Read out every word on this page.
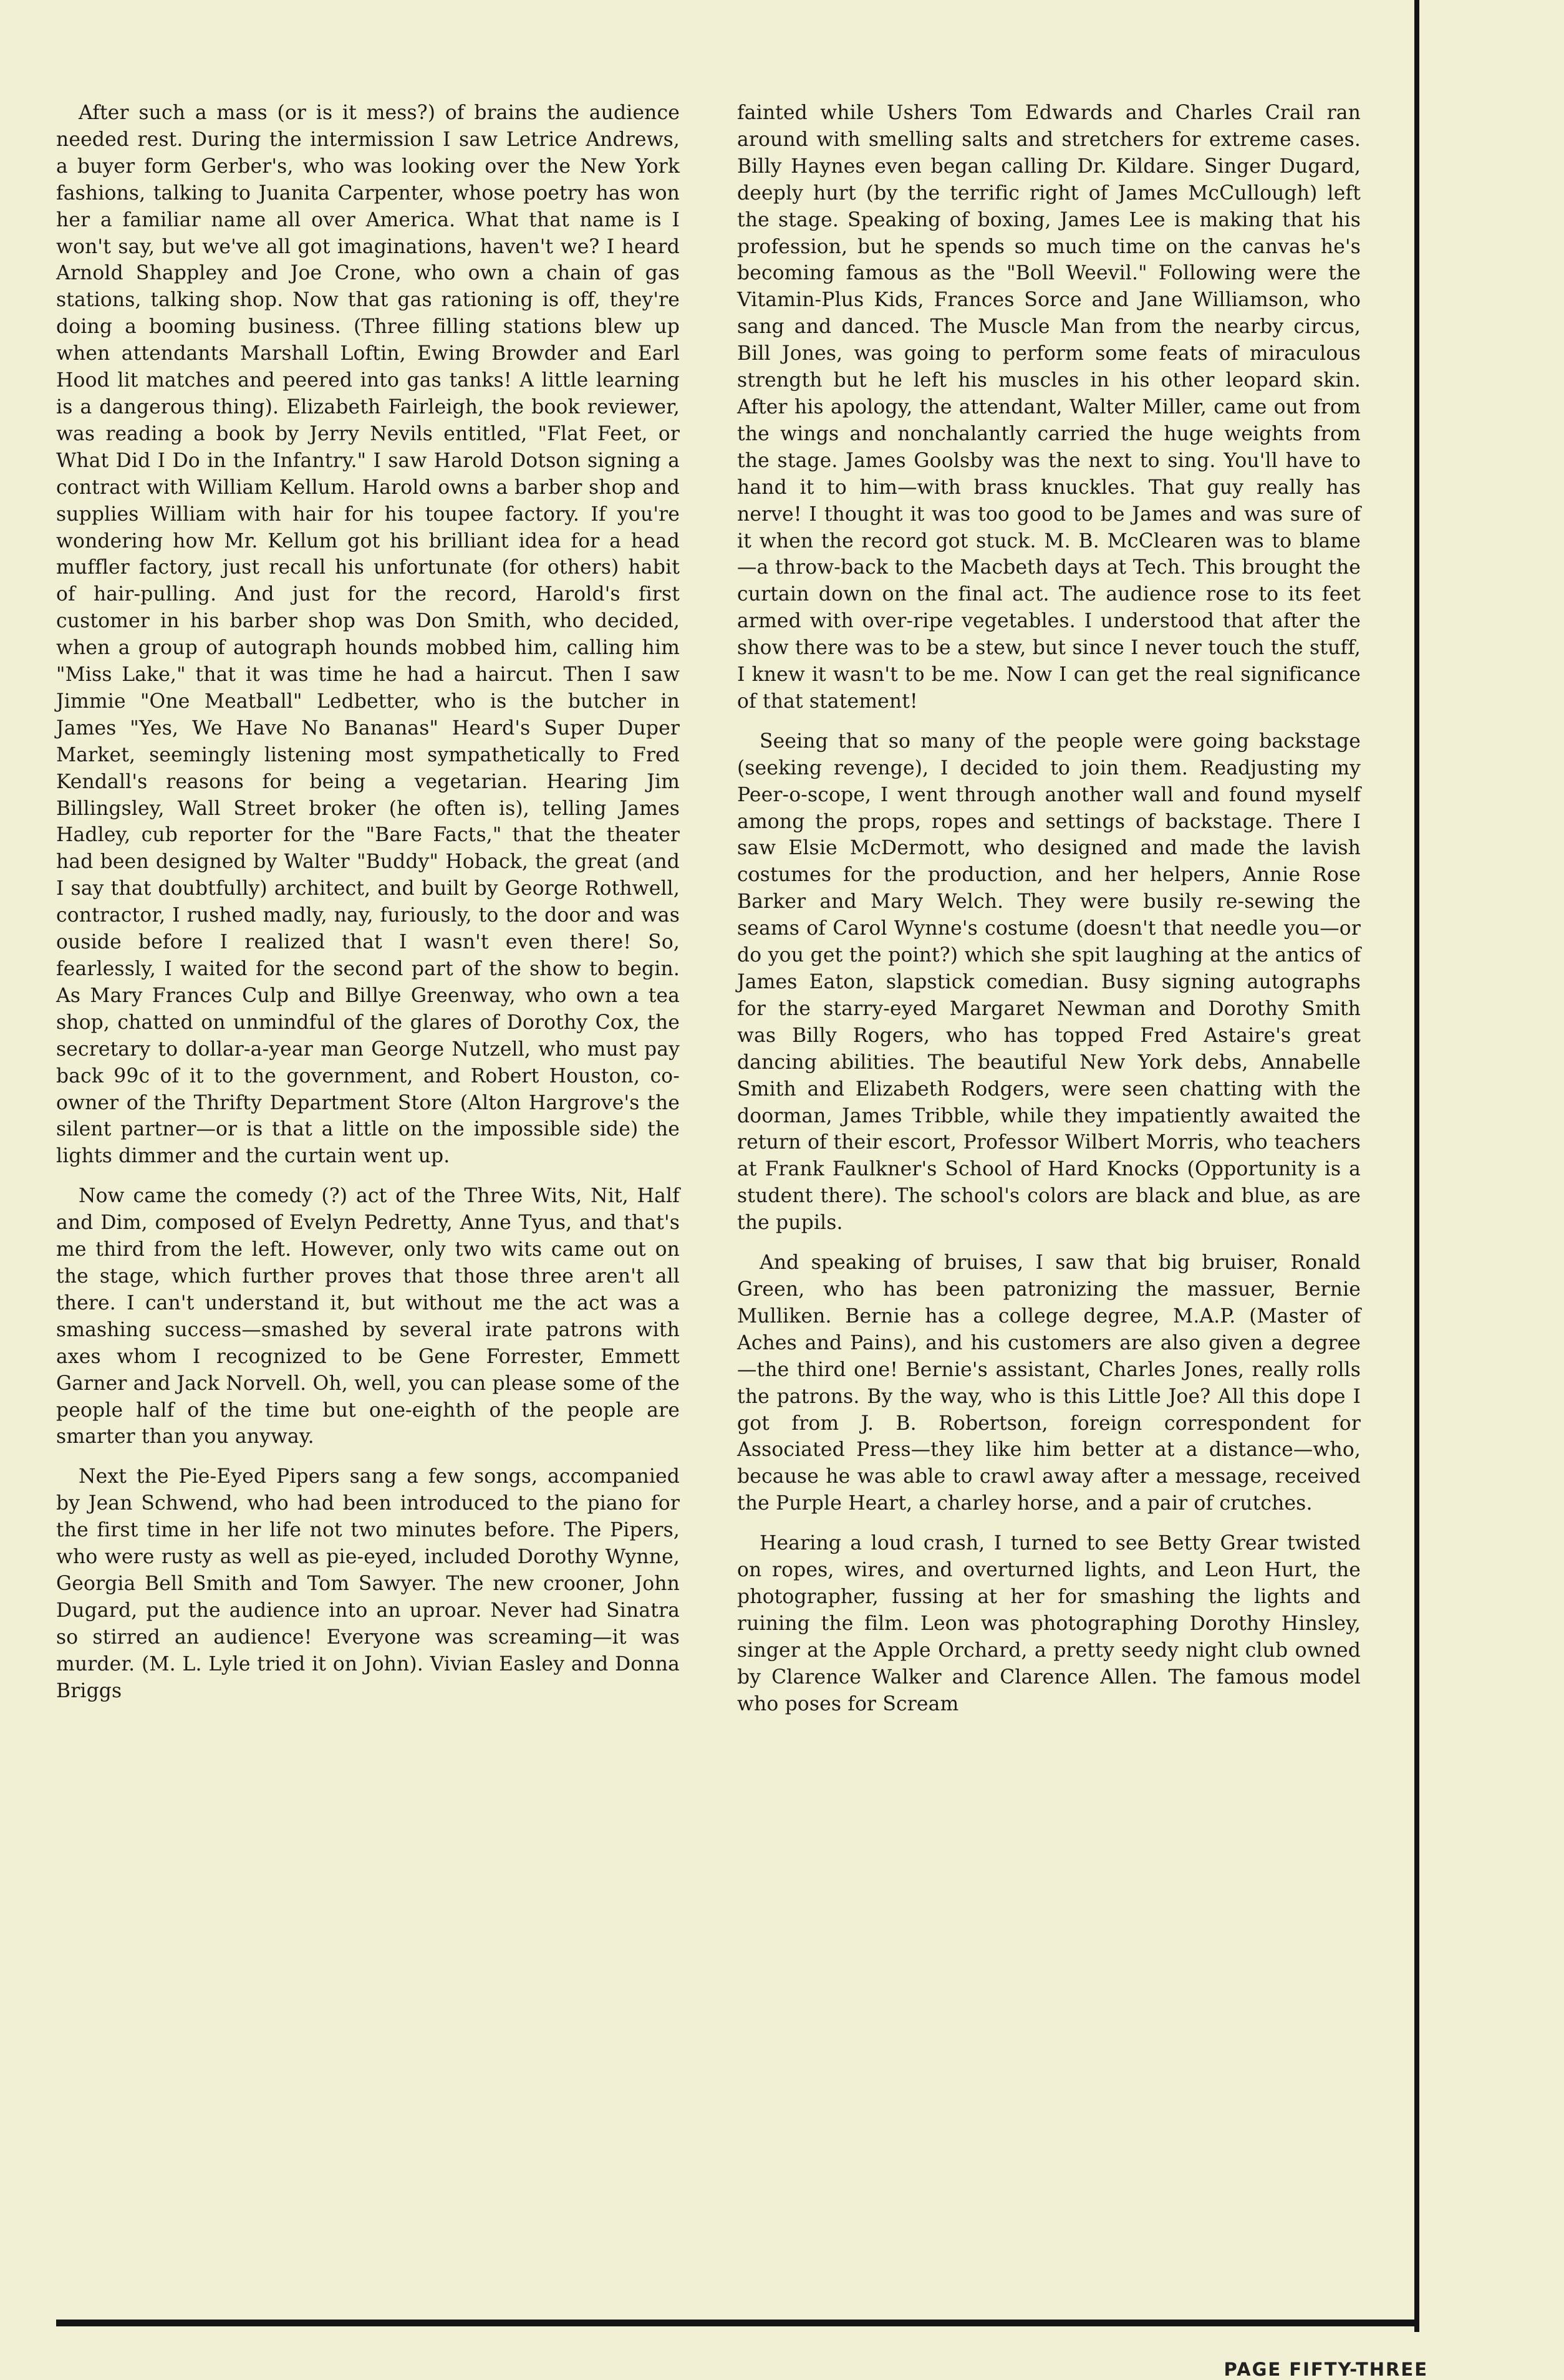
After such a mass (or is it mess?) of brains the audience needed rest. During the intermission I saw Letrice Andrews, a buyer form Gerber's, who was looking over the New York fashions, talking to Juanita Carpenter, whose poetry has won her a familiar name all over America. What that name is I won't say, but we've all got imaginations, haven't we? I heard Arnold Shappley and Joe Crone, who own a chain of gas stations, talking shop. Now that gas rationing is off, they're doing a booming business. (Three filling stations blew up when attendants Marshall Loftin, Ewing Browder and Earl Hood lit matches and peered into gas tanks! A little learning is a dangerous thing). Elizabeth Fairleigh, the book reviewer, was reading a book by Jerry Nevils entitled, "Flat Feet, or What Did I Do in the Infantry." I saw Harold Dotson signing a contract with William Kellum. Harold owns a barber shop and supplies William with hair for his toupee factory. If you're wondering how Mr. Kellum got his brilliant idea for a head muffler factory, just recall his unfortunate (for others) habit of hair-pulling. And just for the record, Harold's first customer in his barber shop was Don Smith, who decided, when a group of autograph hounds mobbed him, calling him "Miss Lake," that it was time he had a haircut. Then I saw Jimmie "One Meatball" Ledbetter, who is the butcher in James "Yes, We Have No Bananas" Heard's Super Duper Market, seemingly listening most sympathetically to Fred Kendall's reasons for being a vegetarian. Hearing Jim Billingsley, Wall Street broker (he often is), telling James Hadley, cub reporter for the "Bare Facts," that the theater had been designed by Walter "Buddy" Hoback, the great (and I say that doubtfully) architect, and built by George Rothwell, contractor, I rushed madly, nay, furiously, to the door and was ouside before I realized that I wasn't even there! So, fearlessly, I waited for the second part of the show to begin. As Mary Frances Culp and Billye Greenway, who own a tea shop, chatted on unmindful of the glares of Dorothy Cox, the secretary to dollar-a-year man George Nutzell, who must pay back 99c of it to the government, and Robert Houston, co-owner of the Thrifty Department Store (Alton Hargrove's the silent partner—or is that a little on the impossible side) the lights dimmer and the curtain went up.

Now came the comedy (?) act of the Three Wits, Nit, Half and Dim, composed of Evelyn Pedretty, Anne Tyus, and that's me third from the left. However, only two wits came out on the stage, which further proves that those three aren't all there. I can't understand it, but without me the act was a smashing success—smashed by several irate patrons with axes whom I recognized to be Gene Forrester, Emmett Garner and Jack Norvell. Oh, well, you can please some of the people half of the time but one-eighth of the people are smarter than you anyway.

Next the Pie-Eyed Pipers sang a few songs, accompanied by Jean Schwend, who had been introduced to the piano for the first time in her life not two minutes before. The Pipers, who were rusty as well as pie-eyed, included Dorothy Wynne, Georgia Bell Smith and Tom Sawyer. The new crooner, John Dugard, put the audience into an uproar. Never had Sinatra so stirred an audience! Everyone was screaming—it was murder. (M. L. Lyle tried it on John). Vivian Easley and Donna Briggs

fainted while Ushers Tom Edwards and Charles Crail ran around with smelling salts and stretchers for extreme cases. Billy Haynes even began calling Dr. Kildare. Singer Dugard, deeply hurt (by the terrific right of James McCullough) left the stage. Speaking of boxing, James Lee is making that his profession, but he spends so much time on the canvas he's becoming famous as the "Boll Weevil." Following were the Vitamin-Plus Kids, Frances Sorce and Jane Williamson, who sang and danced. The Muscle Man from the nearby circus, Bill Jones, was going to perform some feats of miraculous strength but he left his muscles in his other leopard skin. After his apology, the attendant, Walter Miller, came out from the wings and nonchalantly carried the huge weights from the stage. James Goolsby was the next to sing. You'll have to hand it to him—with brass knuckles. That guy really has nerve! I thought it was too good to be James and was sure of it when the record got stuck. M. B. McClearen was to blame—a throw-back to the Macbeth days at Tech. This brought the curtain down on the final act. The audience rose to its feet armed with over-ripe vegetables. I understood that after the show there was to be a stew, but since I never touch the stuff, I knew it wasn't to be me. Now I can get the real significance of that statement!

Seeing that so many of the people were going backstage (seeking revenge), I decided to join them. Readjusting my Peer-o-scope, I went through another wall and found myself among the props, ropes and settings of backstage. There I saw Elsie McDermott, who designed and made the lavish costumes for the production, and her helpers, Annie Rose Barker and Mary Welch. They were busily re-sewing the seams of Carol Wynne's costume (doesn't that needle you—or do you get the point?) which she spit laughing at the antics of James Eaton, slapstick comedian. Busy signing autographs for the starry-eyed Margaret Newman and Dorothy Smith was Billy Rogers, who has topped Fred Astaire's great dancing abilities. The beautiful New York debs, Annabelle Smith and Elizabeth Rodgers, were seen chatting with the doorman, James Tribble, while they impatiently awaited the return of their escort, Professor Wilbert Morris, who teachers at Frank Faulkner's School of Hard Knocks (Opportunity is a student there). The school's colors are black and blue, as are the pupils.

And speaking of bruises, I saw that big bruiser, Ronald Green, who has been patronizing the massuer, Bernie Mulliken. Bernie has a college degree, M.A.P. (Master of Aches and Pains), and his customers are also given a degree—the third one! Bernie's assistant, Charles Jones, really rolls the patrons. By the way, who is this Little Joe? All this dope I got from J. B. Robertson, foreign correspondent for Associated Press—they like him better at a distance—who, because he was able to crawl away after a message, received the Purple Heart, a charley horse, and a pair of crutches.

Hearing a loud crash, I turned to see Betty Grear twisted on ropes, wires, and overturned lights, and Leon Hurt, the photographer, fussing at her for smashing the lights and ruining the film. Leon was photographing Dorothy Hinsley, singer at the Apple Orchard, a pretty seedy night club owned by Clarence Walker and Clarence Allen. The famous model who poses for Scream

PAGE FIFTY-THREE
